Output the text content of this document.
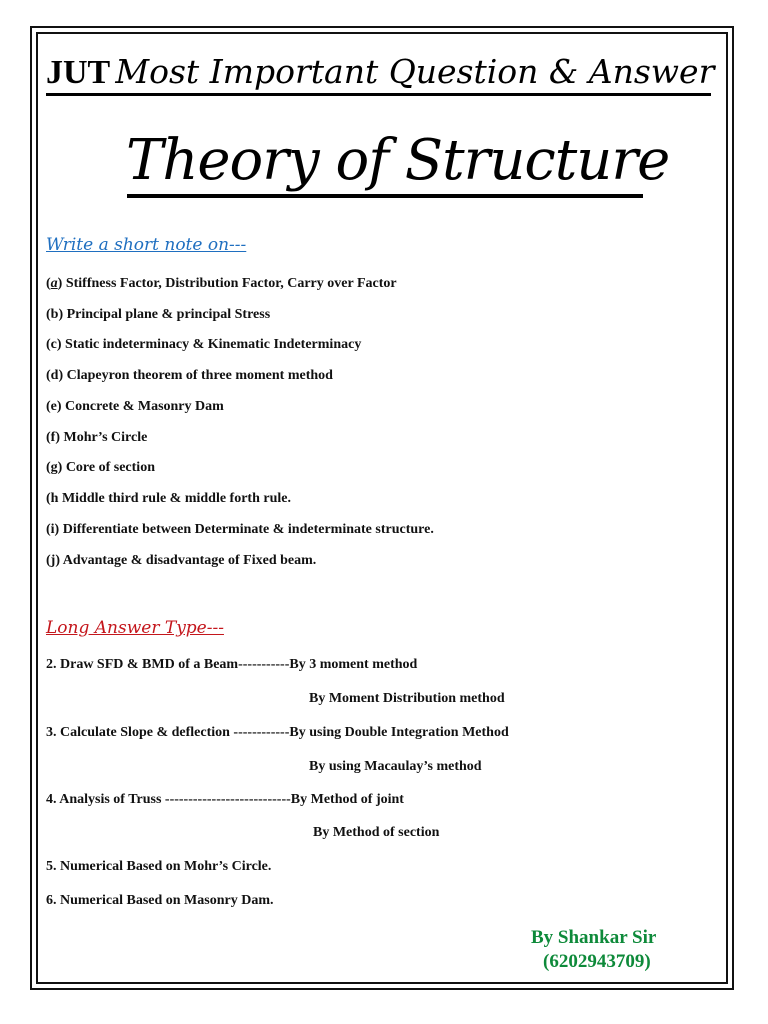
JUT Most Important Question & Answer
Theory of Structure
Write a short note on---
(a) Stiffness Factor, Distribution Factor, Carry over Factor
(b) Principal plane & principal Stress
(c) Static indeterminacy & Kinematic Indeterminacy
(d) Clapeyron theorem of three moment method
(e) Concrete & Masonry Dam
(f) Mohr’s Circle
(g) Core of section
(h Middle third rule & middle forth rule.
(i) Differentiate between Determinate & indeterminate structure.
(j) Advantage & disadvantage of Fixed beam.
Long Answer Type---
2. Draw SFD & BMD of a Beam-----------By 3 moment method
By Moment Distribution method
3. Calculate Slope & deflection ------------By using Double Integration Method
By using Macaulay’s method
4. Analysis of Truss ---------------------------By Method of joint
By Method of section
5. Numerical Based on Mohr’s Circle.
6. Numerical Based on Masonry Dam.
By Shankar Sir
(6202943709)
